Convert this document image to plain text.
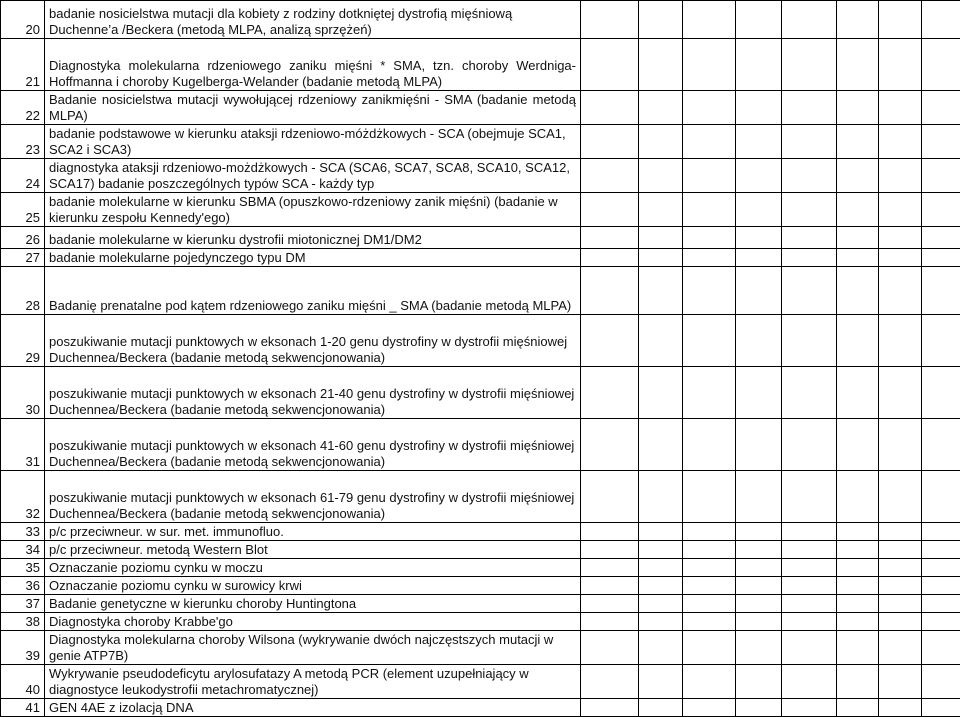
20	badanie nosicielstwa mutacji dla kobiety z rodziny dotkniętej dystrofią mięśniową Duchenne’a /Beckera (metodą MLPA, analizą sprzężeń)								
21	Diagnostyka molekularna rdzeniowego zaniku mięśni * SMA, tzn. choroby Werdniga-Hoffmanna i choroby Kugelberga-Welander (badanie metodą MLPA)								
22	Badanie nosicielstwa mutacji wywołującej rdzeniowy zanikmięśni - SMA (badanie metodą MLPA)								
23	badanie podstawowe w kierunku ataksji rdzeniowo-móżdżkowych - SCA (obejmuje SCA1, SCA2 i SCA3)								
24	diagnostyka ataksji rdzeniowo-możdżkowych - SCA (SCA6, SCA7, SCA8, SCA10, SCA12, SCA17) badanie poszczególnych typów SCA - każdy typ								
25	badanie molekularne w kierunku SBMA (opuszkowo-rdzeniowy zanik mięśni) (badanie w kierunku zespołu Kennedy'ego)								
26	badanie molekularne w kierunku dystrofii miotonicznej DM1/DM2								
27	badanie molekularne pojedynczego typu DM								
28	Badanię prenatalne pod kątem rdzeniowego zaniku mięśni _ SMA (badanie metodą MLPA)								
29	poszukiwanie mutacji punktowych w eksonach 1-20 genu dystrofiny w dystrofii mięśniowej Duchennea/Beckera (badanie metodą sekwencjonowania)								
30	poszukiwanie mutacji punktowych w eksonach 21-40 genu dystrofiny w dystrofii mięśniowej Duchennea/Beckera (badanie metodą sekwencjonowania)								
31	poszukiwanie mutacji punktowych w eksonach 41-60 genu dystrofiny w dystrofii mięśniowej Duchennea/Beckera (badanie metodą sekwencjonowania)								
32	poszukiwanie mutacji punktowych w eksonach 61-79 genu dystrofiny w dystrofii mięśniowej Duchennea/Beckera (badanie metodą sekwencjonowania)								
33	p/c przeciwneur. w sur. met. immunofluo.								
34	p/c przeciwneur. metodą Western Blot								
35	Oznaczanie poziomu cynku w moczu								
36	Oznaczanie poziomu cynku w surowicy krwi								
37	Badanie genetyczne w kierunku choroby Huntingtona								
38	Diagnostyka choroby Krabbe'go								
39	Diagnostyka molekularna choroby Wilsona (wykrywanie dwóch najczęstszych mutacji w genie ATP7B)								
40	Wykrywanie pseudodeficytu arylosufatazy A metodą PCR (element uzupełniający w diagnostyce leukodystrofii metachromatycznej)								
41	GEN 4AE z izolacją DNA								
